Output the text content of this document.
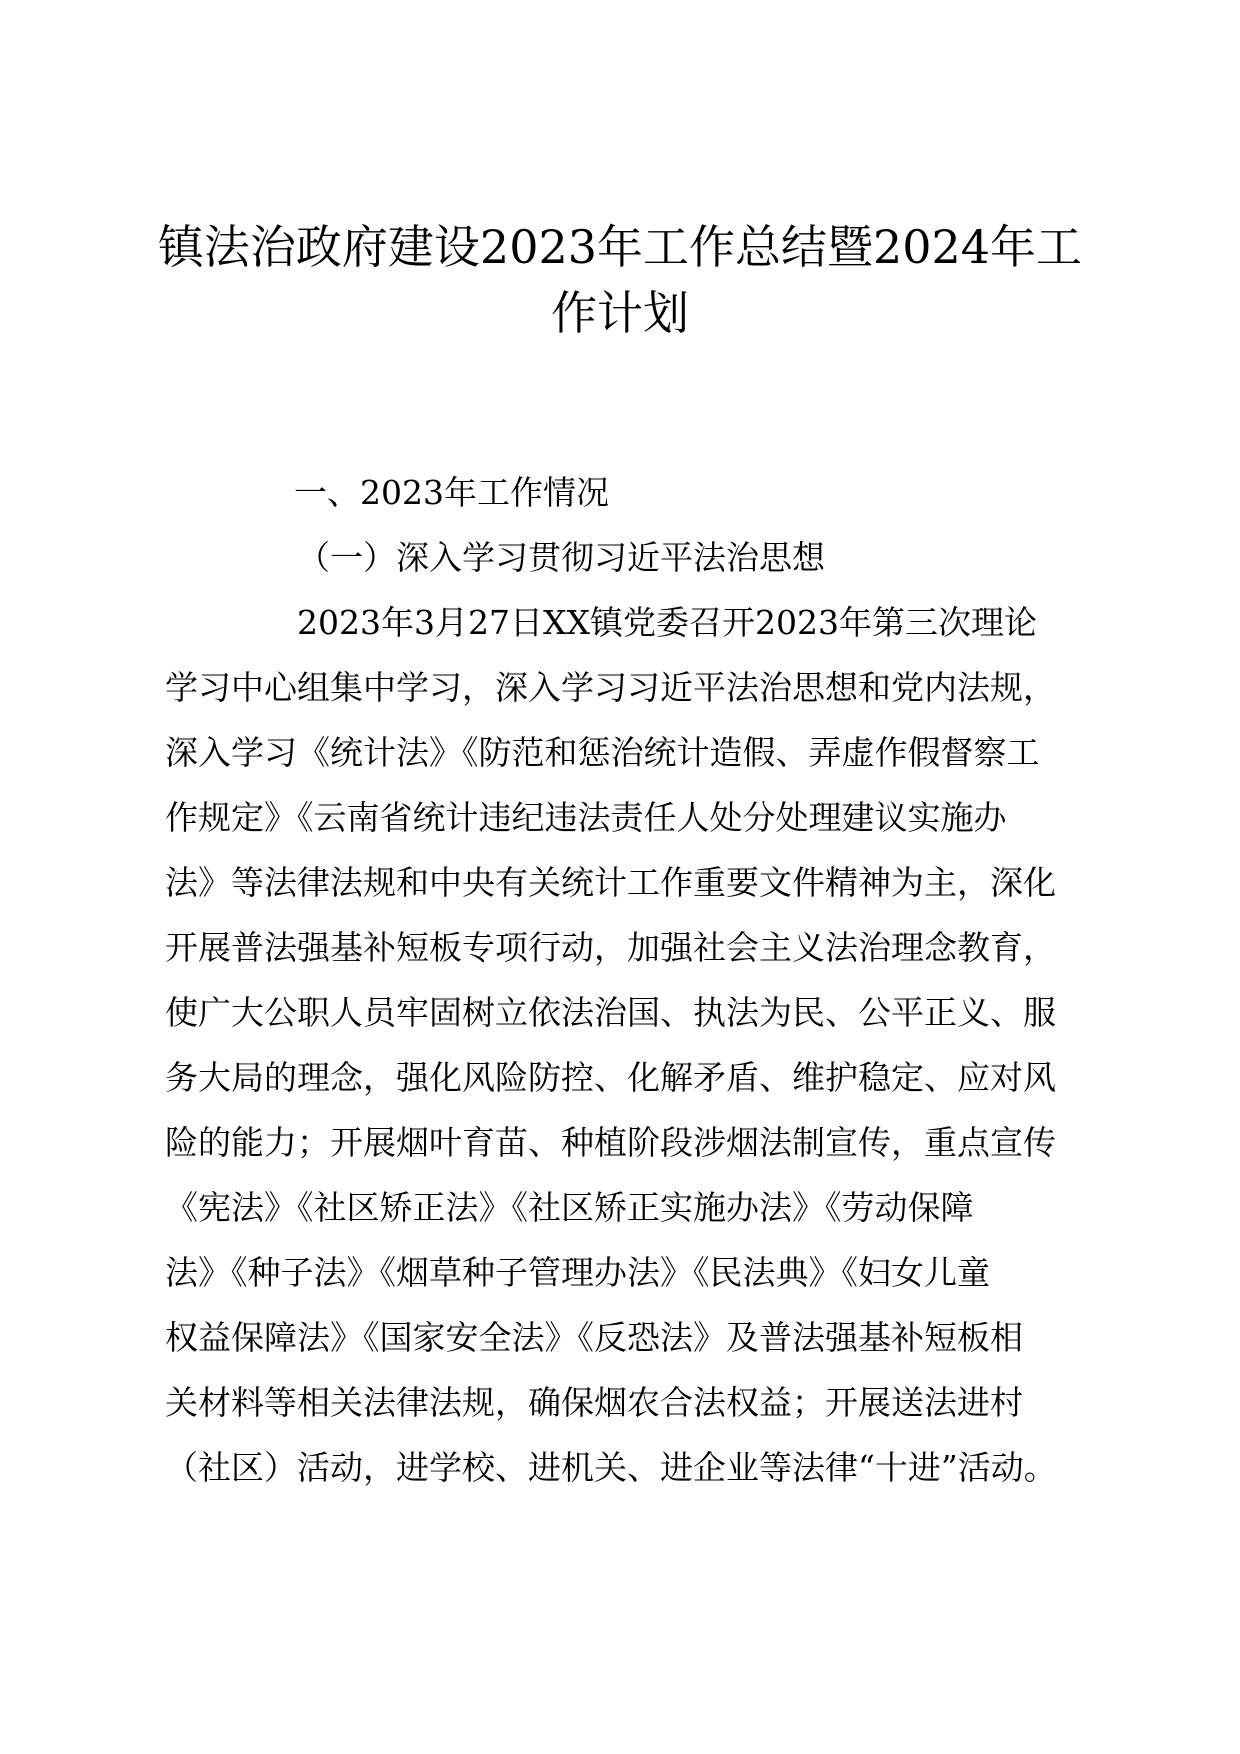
镇法治政府建设2023年工作总结暨2024年工
作计划
一、2023年工作情况
（一）深入学习贯彻习近平法治思想
2023年3月27日XX镇党委召开2023年第三次理论
学习中心组集中学习，深入学习习近平法治思想和党内法规，
深入学习《统计法》《防范和惩治统计造假、弄虚作假督察工
作规定》《云南省统计违纪违法责任人处分处理建议实施办
法》等法律法规和中央有关统计工作重要文件精神为主，深化
开展普法强基补短板专项行动，加强社会主义法治理念教育，
使广大公职人员牢固树立依法治国、执法为民、公平正义、服
务大局的理念，强化风险防控、化解矛盾、维护稳定、应对风
险的能力；开展烟叶育苗、种植阶段涉烟法制宣传，重点宣传
《宪法》《社区矫正法》《社区矫正实施办法》《劳动保障
法》《种子法》《烟草种子管理办法》《民法典》《妇女儿童
权益保障法》《国家安全法》《反恐法》及普法强基补短板相
关材料等相关法律法规，确保烟农合法权益；开展送法进村
（社区）活动，进学校、进机关、进企业等法律“十进”活动。
